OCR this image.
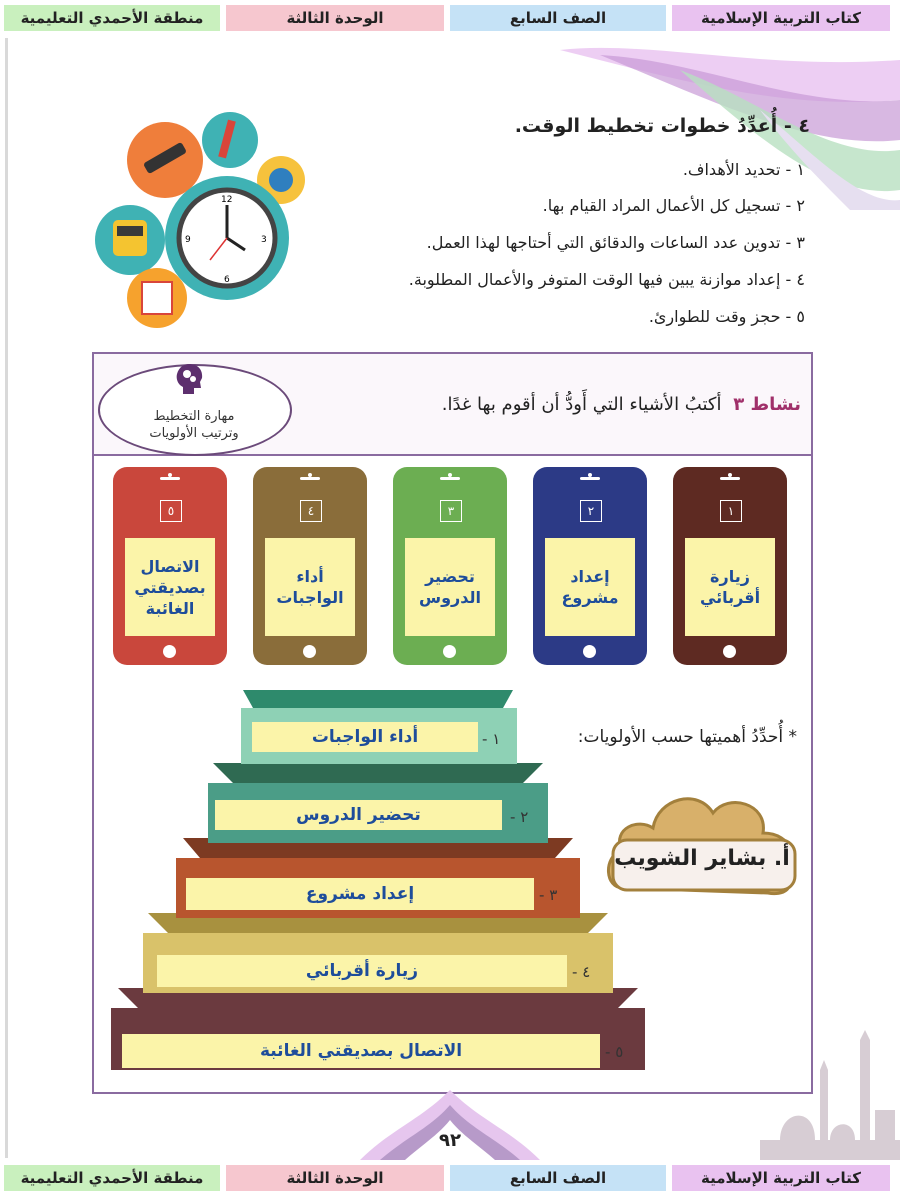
منطقة الأحمدي التعليمية	الوحدة الثالثة	الصف السابع	كتاب التربية الإسلامية
12
3
6
9
٤ - أُعدِّدُ خطوات تخطيط الوقت.
١ - تحديد الأهداف.
٢ - تسجيل كل الأعمال المراد القيام بها.
٣ - تدوين عدد الساعات والدقائق التي أحتاجها لهذا العمل.
٤ - إعداد موازنة يبين فيها الوقت المتوفر والأعمال المطلوبة.
٥ - حجز وقت للطوارئ.
مهارة التخطيط
وترتيب الأولويات
نشاط ٣ أكتبُ الأشياء التي أَودُّ أن أقوم بها غدًا.
١
زيارة أقربائي
٢
إعداد مشروع
٣
تحضير الدروس
٤
أداء الواجبات
٥
الاتصال بصديقتي الغائبة
* أُحدِّدُ أهميتها حسب الأولويات:
أداء الواجبات	١ -
تحضير الدروس	٢ -
إعداد مشروع	٣ -
زيارة أقربائي	٤ -
الاتصال بصديقتي الغائبة	٥ -
أ. بشاير الشويب
٩٢
منطقة الأحمدي التعليمية	الوحدة الثالثة	الصف السابع	كتاب التربية الإسلامية
